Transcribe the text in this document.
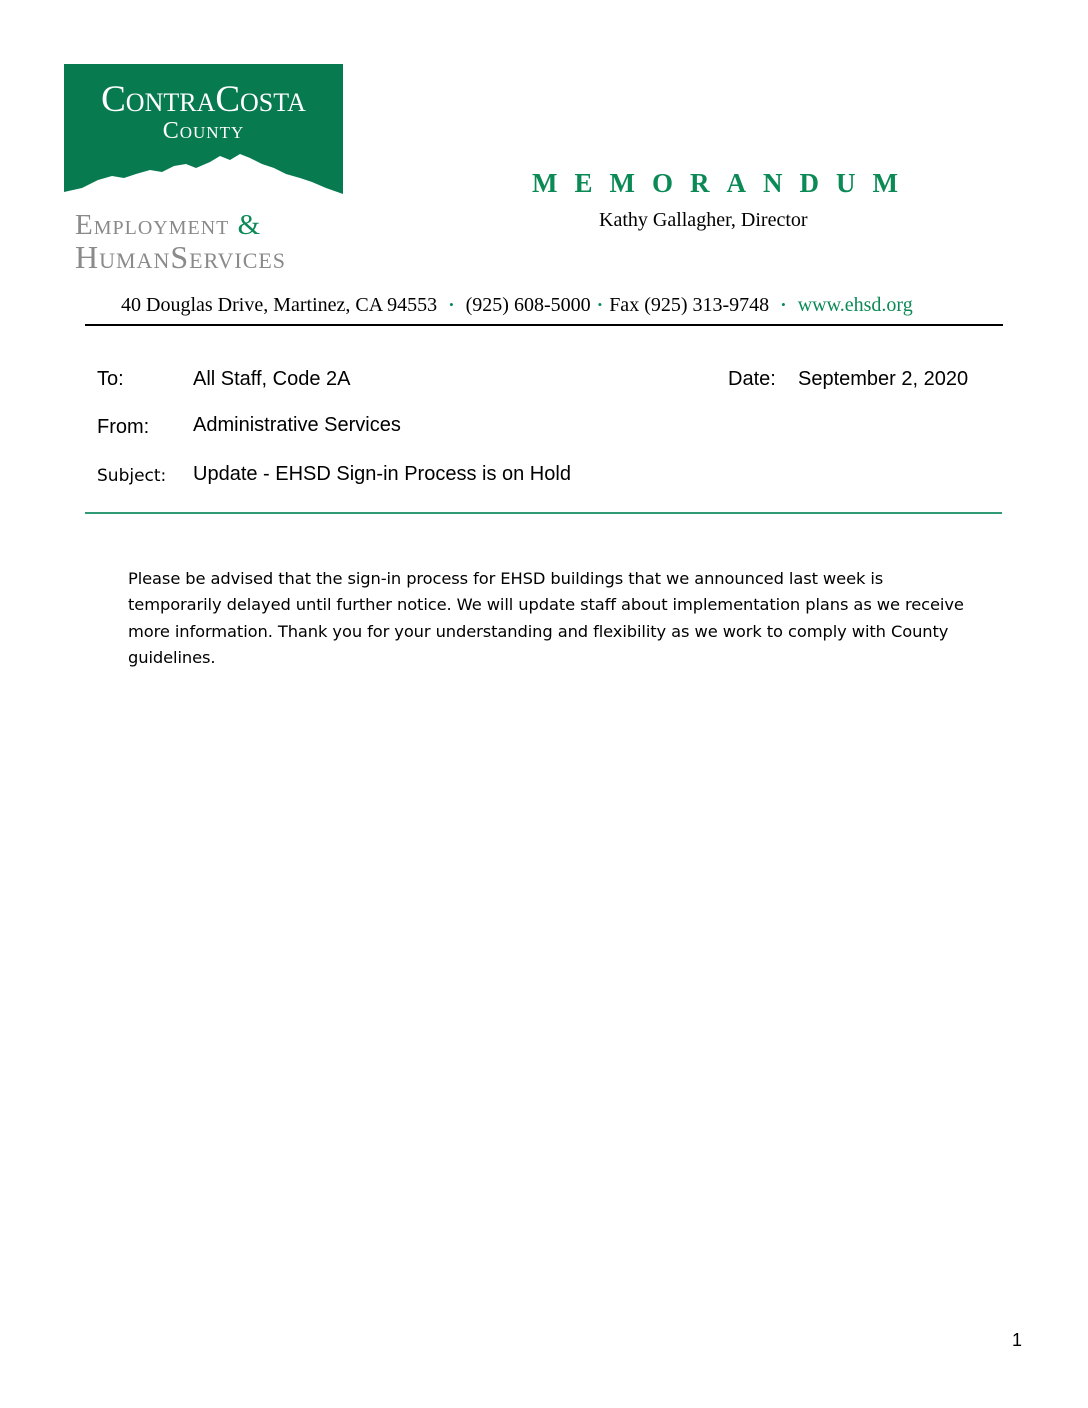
ContraCosta
County
Employment &
HumanServices
MEMORANDUM
Kathy Gallagher, Director
40 Douglas Drive, Martinez, CA 94553 • (925) 608-5000 • Fax (925) 313-9748 • www.ehsd.org
To:	All Staff, Code 2A	Date: September 2, 2020
From: Administrative Services
Subject: Update - EHSD Sign-in Process is on Hold
Please be advised that the sign-in process for EHSD buildings that we announced last week is temporarily delayed until further notice. We will update staff about implementation plans as we receive more information. Thank you for your understanding and flexibility as we work to comply with County guidelines.
1
